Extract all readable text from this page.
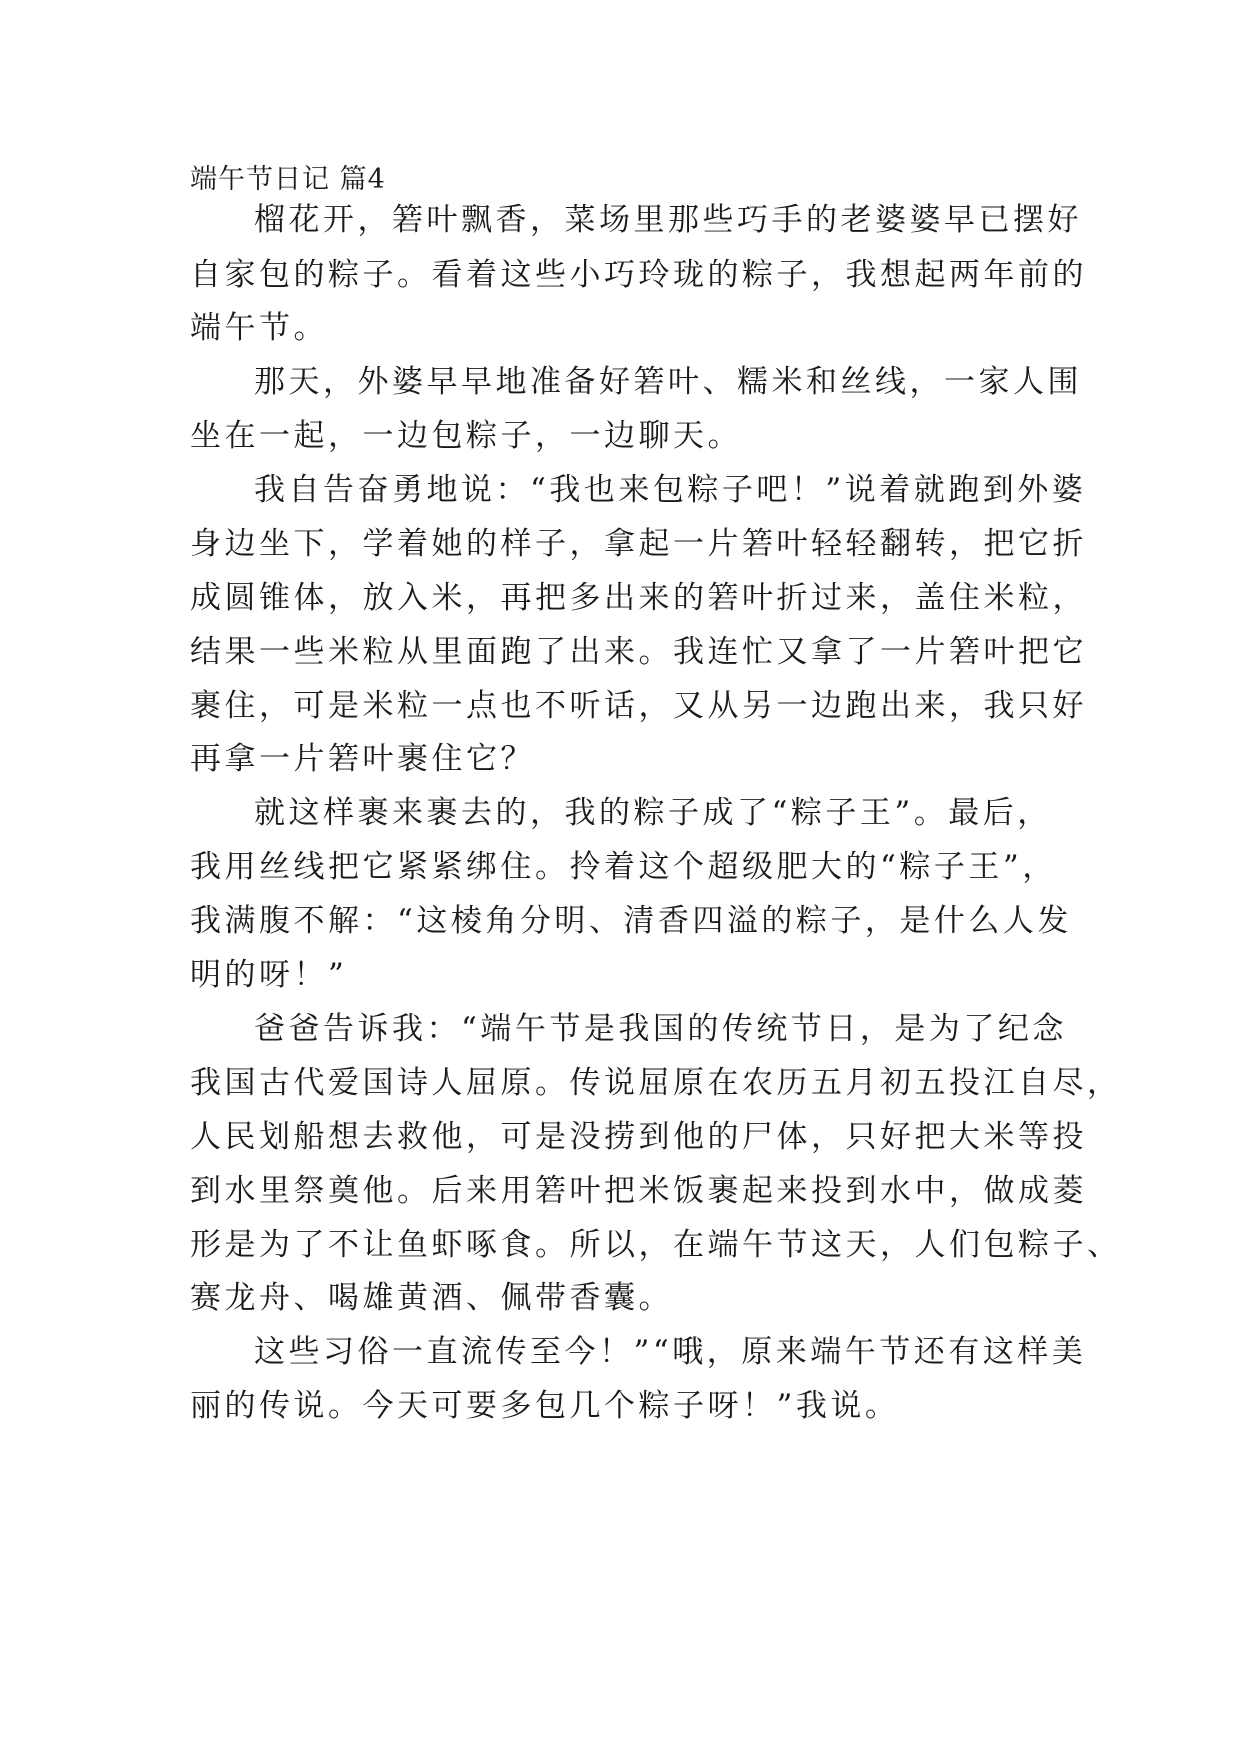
端午节日记 篇4
榴花开，箬叶飘香，菜场里那些巧手的老婆婆早已摆好
自家包的粽子。看着这些小巧玲珑的粽子，我想起两年前的
端午节。
那天，外婆早早地准备好箬叶、糯米和丝线，一家人围
坐在一起，一边包粽子，一边聊天。
我自告奋勇地说：“我也来包粽子吧！”说着就跑到外婆
身边坐下，学着她的样子，拿起一片箬叶轻轻翻转，把它折
成圆锥体，放入米，再把多出来的箬叶折过来，盖住米粒，
结果一些米粒从里面跑了出来。我连忙又拿了一片箬叶把它
裹住，可是米粒一点也不听话，又从另一边跑出来，我只好
再拿一片箬叶裹住它？
就这样裹来裹去的，我的粽子成了“粽子王”。最后，
我用丝线把它紧紧绑住。拎着这个超级肥大的“粽子王”，
我满腹不解：“这棱角分明、清香四溢的粽子，是什么人发
明的呀！”
爸爸告诉我：“端午节是我国的传统节日，是为了纪念
我国古代爱国诗人屈原。传说屈原在农历五月初五投江自尽，
人民划船想去救他，可是没捞到他的尸体，只好把大米等投
到水里祭奠他。后来用箬叶把米饭裹起来投到水中，做成菱
形是为了不让鱼虾啄食。所以，在端午节这天，人们包粽子、
赛龙舟、喝雄黄酒、佩带香囊。
这些习俗一直流传至今！”“哦，原来端午节还有这样美
丽的传说。今天可要多包几个粽子呀！”我说。
